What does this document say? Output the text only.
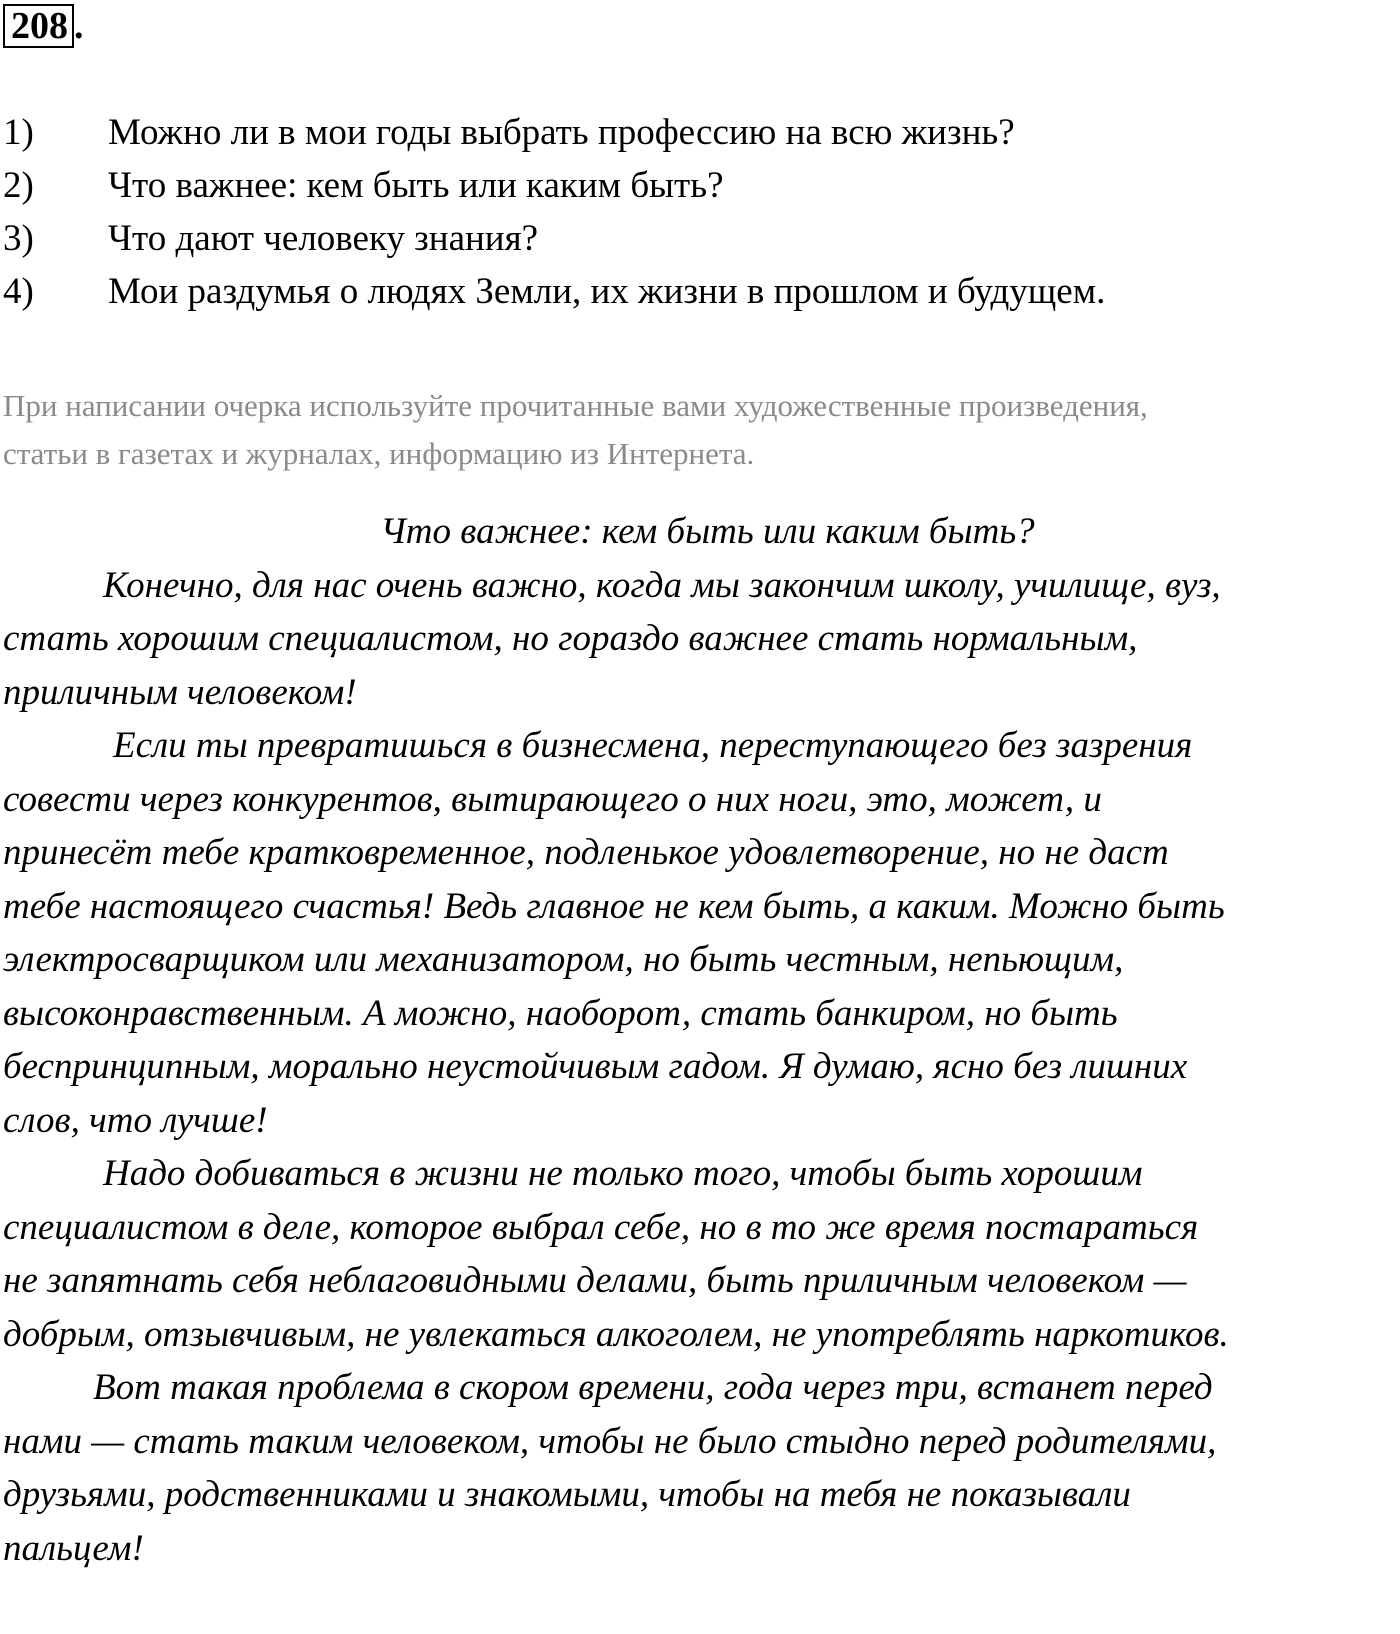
208 .
1) Можно ли в мои годы выбрать профессию на всю жизнь?
2) Что важнее: кем быть или каким быть?
3) Что дают человеку знания?
4) Мои раздумья о людях Земли, их жизни в прошлом и будущем.

При написании очерка используйте прочитанные вами художественные произведения,
статьи в газетах и журналах, информацию из Интернета.

Что важнее: кем быть или каким быть?
Конечно, для нас очень важно, когда мы закончим школу, училище, вуз,
стать хорошим специалистом, но гораздо важнее стать нормальным,
приличным человеком!
Если ты превратишься в бизнесмена, переступающего без зазрения
совести через конкурентов, вытирающего о них ноги, это, может, и
принесёт тебе кратковременное, подленькое удовлетворение, но не даст
тебе настоящего счастья! Ведь главное не кем быть, а каким. Можно быть
электросварщиком или механизатором, но быть честным, непьющим,
высоконравственным. А можно, наоборот, стать банкиром, но быть
беспринципным, морально неустойчивым гадом. Я думаю, ясно без лишних
слов, что лучше!
Надо добиваться в жизни не только того, чтобы быть хорошим
специалистом в деле, которое выбрал себе, но в то же время постараться
не запятнать себя неблаговидными делами, быть приличным человеком —
добрым, отзывчивым, не увлекаться алкоголем, не употреблять наркотиков.
Вот такая проблема в скором времени, года через три, встанет перед
нами — стать таким человеком, чтобы не было стыдно перед родителями,
друзьями, родственниками и знакомыми, чтобы на тебя не показывали
пальцем!
